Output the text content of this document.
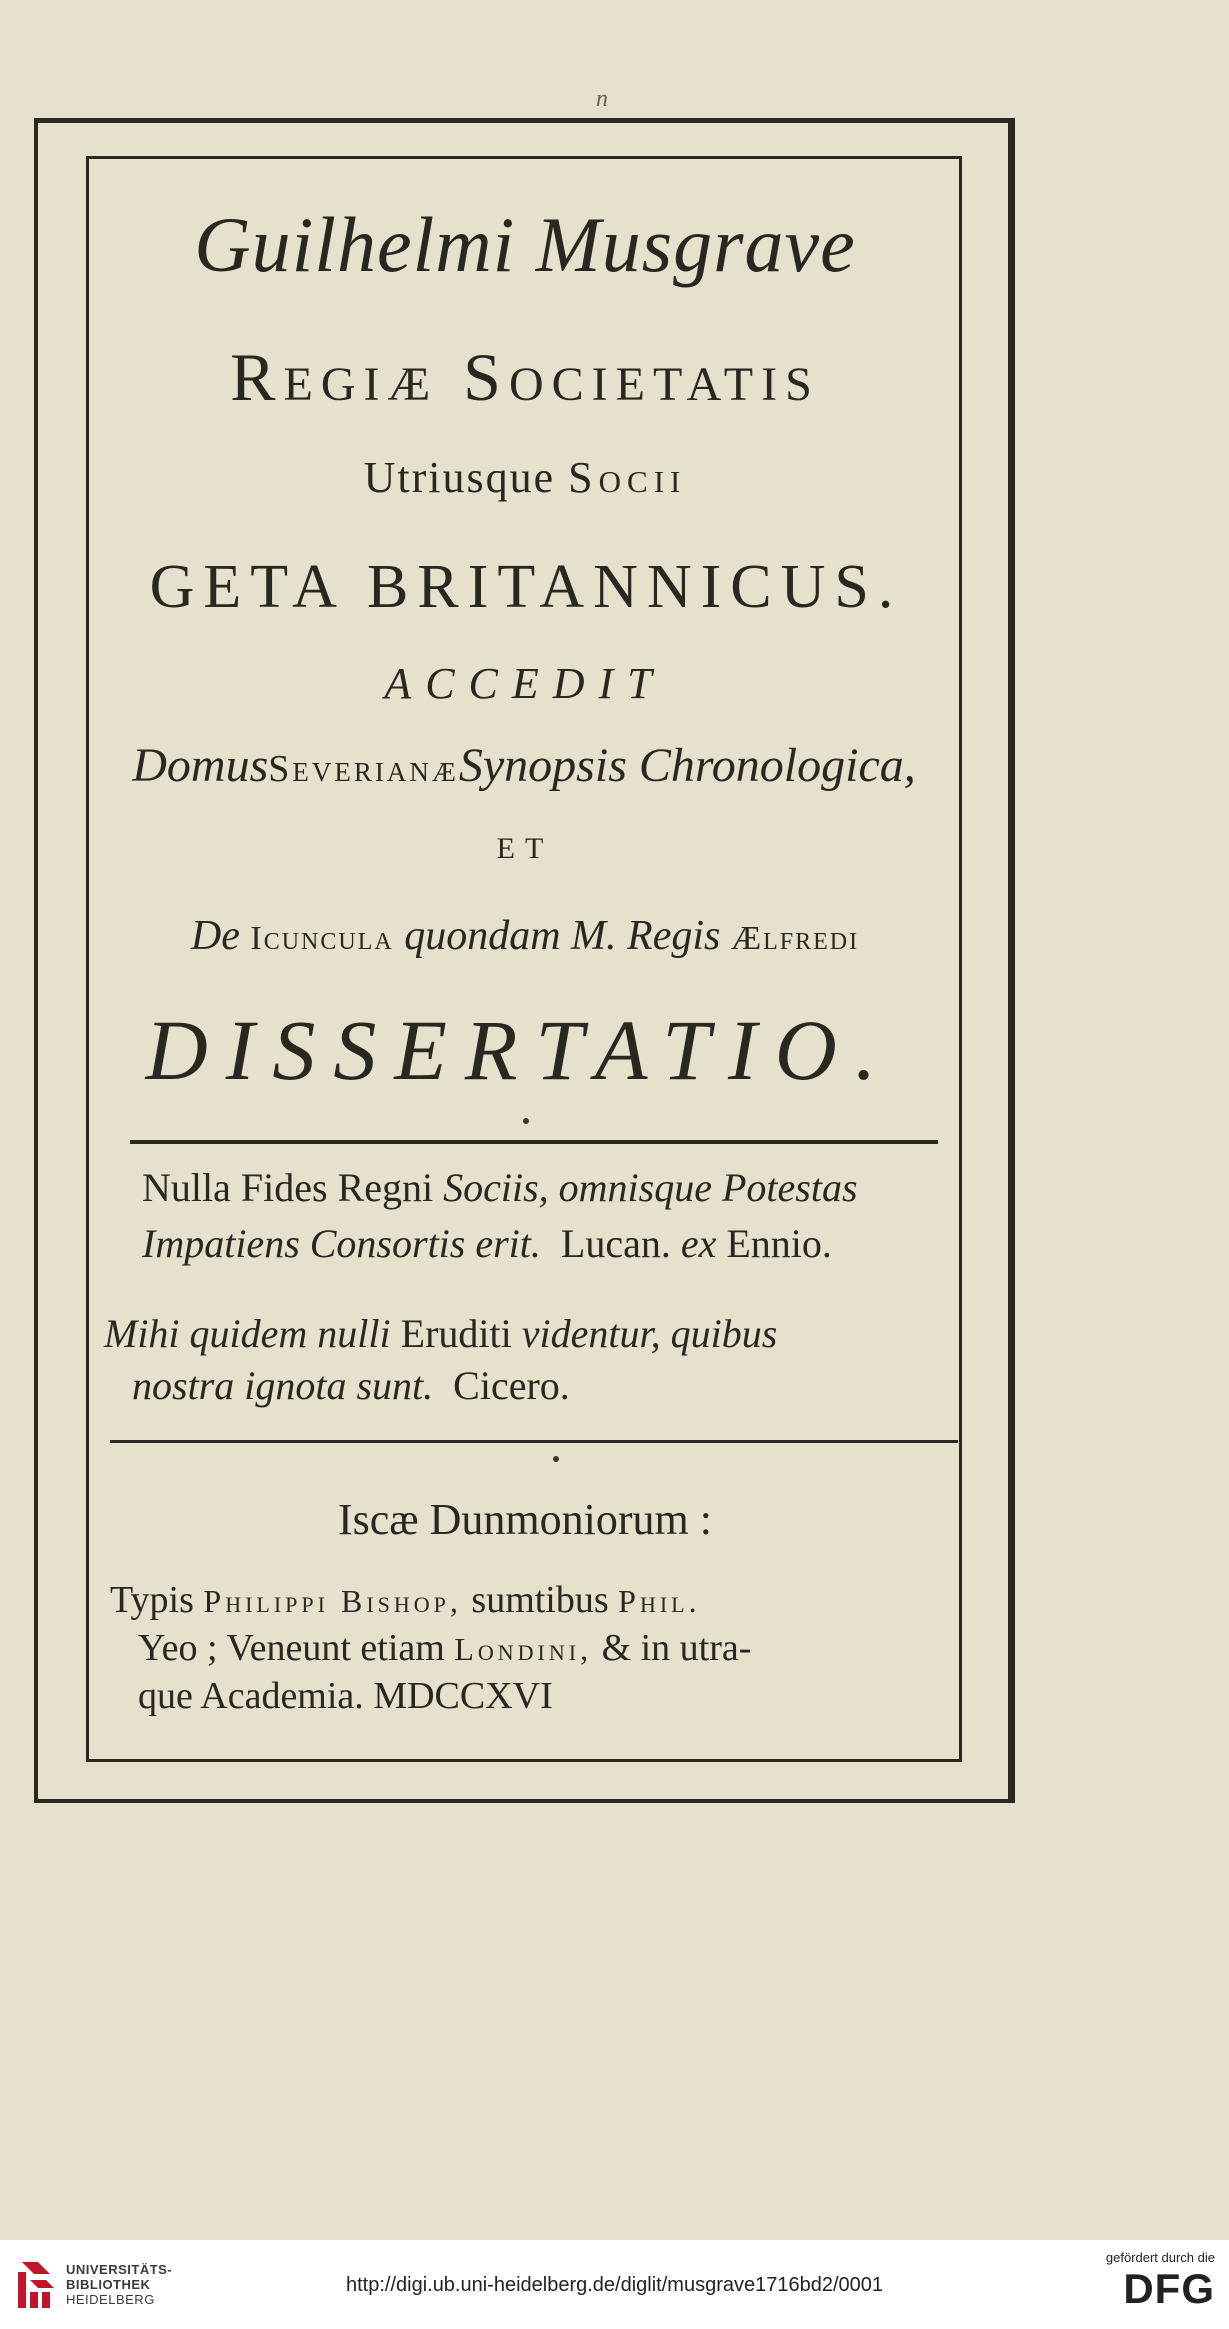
n
Guilhelmi Musgrave
Regiæ Societatis
Utriusque Socii
GETA BRITANNICUS.
ACCEDIT
DomusSeverianæSynopsis Chronologica,
ET
De Icuncula quondam M. Regis Ælfredi
DISSERTATIO.
Nulla Fides Regni Sociis, omnisque Potestas
Impatiens Consortis erit. Lucan. ex Ennio.
Mihi quidem nulli Eruditi videntur, quibus
nostra ignota sunt. Cicero.
Iscæ Dunmoniorum :
Typis Philippi Bishop, sumtibus Phil.
Yeo ; Veneunt etiam Londini, & in utra-
que Academia. MDCCXVI
UNIVERSITÄTS-
BIBLIOTHEK
HEIDELBERG
http://digi.ub.uni-heidelberg.de/diglit/musgrave1716bd2/0001
gefördert durch die
DFG
